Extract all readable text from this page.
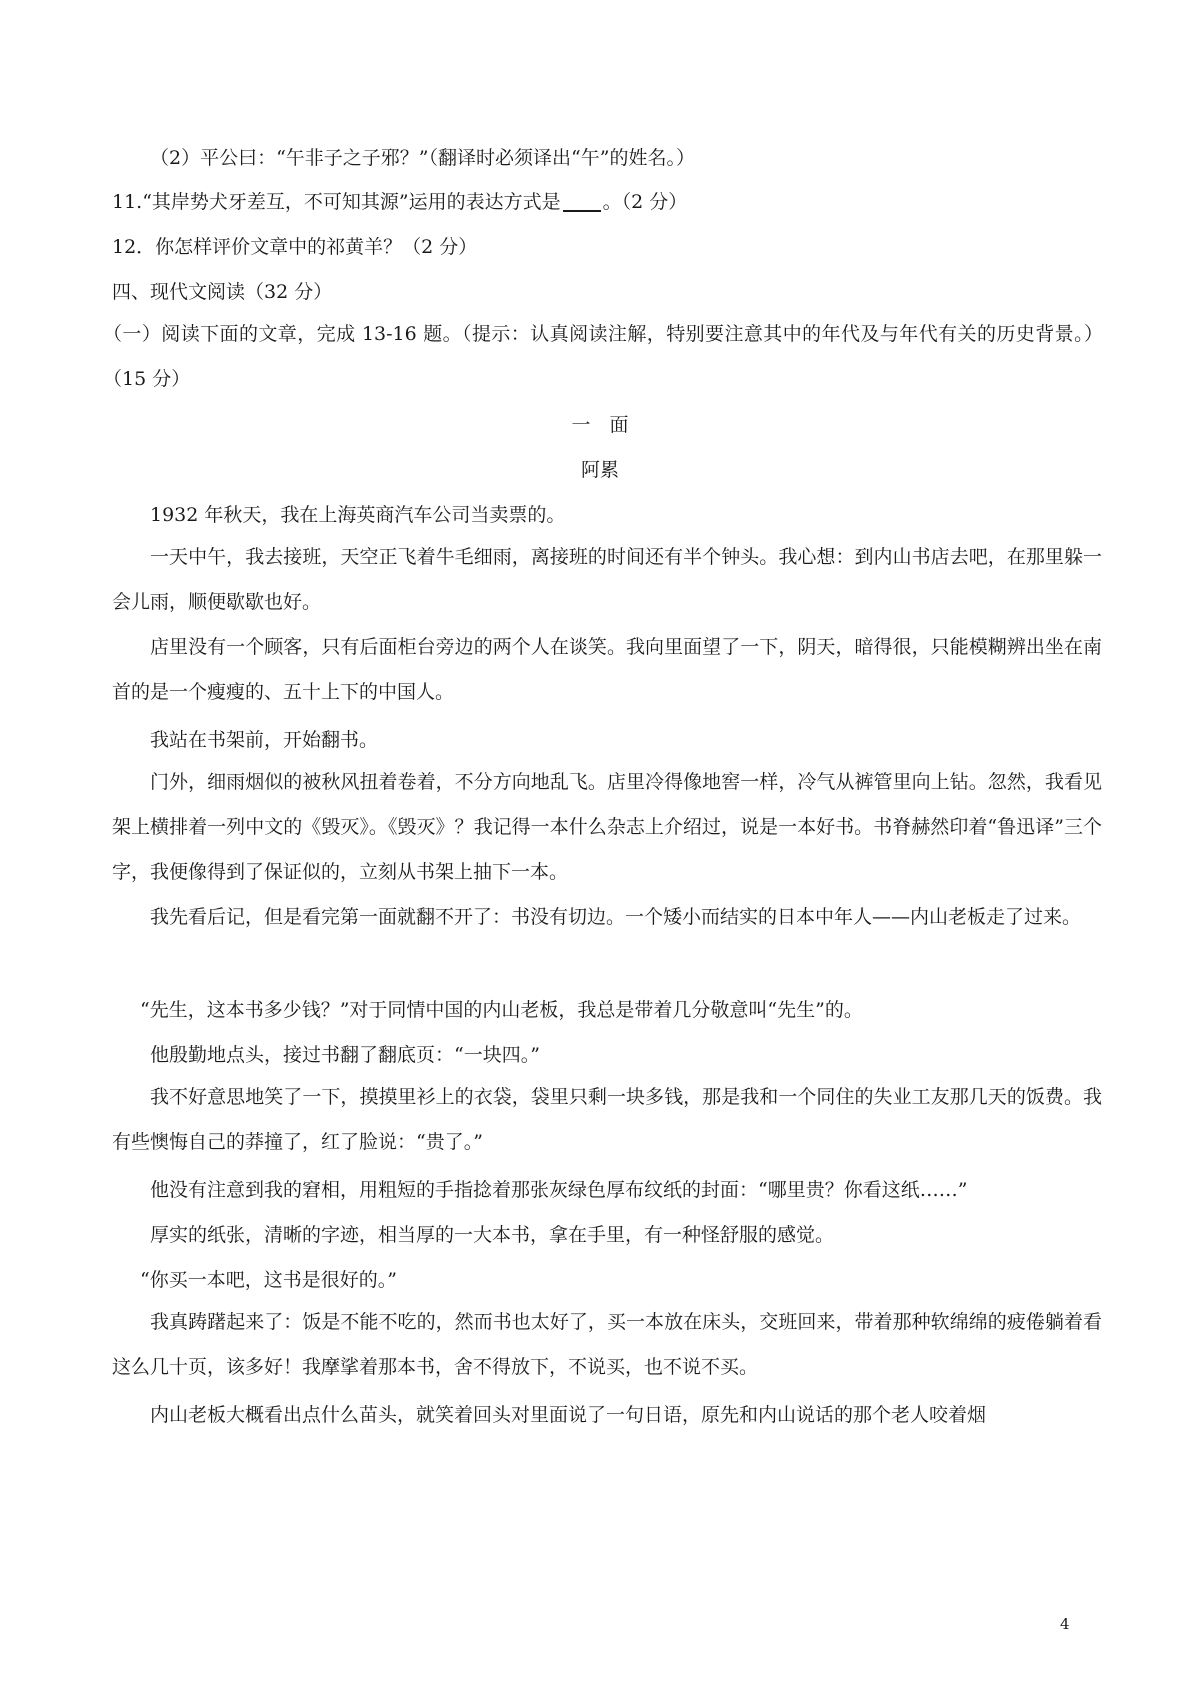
（2）平公曰：“午非子之子邪？”（翻译时必须译出“午”的姓名。）

11.“其岸势犬牙差互，不可知其源”运用的表达方式是 。（2 分）

12．你怎样评价文章中的祁黄羊？（2 分）

四、现代文阅读（32 分）

（一）阅读下面的文章，完成 13-16 题。（提示：认真阅读注解，特别要注意其中的年代及与年代有关的历史背景。）（15 分）

一　面

阿累

1932 年秋天，我在上海英商汽车公司当卖票的。

一天中午，我去接班，天空正飞着牛毛细雨，离接班的时间还有半个钟头。我心想：到内山书店去吧，在那里躲一会儿雨，顺便歇歇也好。

店里没有一个顾客，只有后面柜台旁边的两个人在谈笑。我向里面望了一下，阴天，暗得很，只能模糊辨出坐在南首的是一个瘦瘦的、五十上下的中国人。

我站在书架前，开始翻书。

门外，细雨烟似的被秋风扭着卷着，不分方向地乱飞。店里冷得像地窖一样，冷气从裤管里向上钻。忽然，我看见架上横排着一列中文的《毁灭》。《毁灭》？我记得一本什么杂志上介绍过，说是一本好书。书脊赫然印着“鲁迅译”三个字，我便像得到了保证似的，立刻从书架上抽下一本。

我先看后记，但是看完第一面就翻不开了：书没有切边。一个矮小而结实的日本中年人——内山老板走了过来。

“先生，这本书多少钱？”对于同情中国的内山老板，我总是带着几分敬意叫“先生”的。

他殷勤地点头，接过书翻了翻底页：“一块四。”

我不好意思地笑了一下，摸摸里衫上的衣袋，袋里只剩一块多钱，那是我和一个同住的失业工友那几天的饭费。我有些懊悔自己的莽撞了，红了脸说：“贵了。”

他没有注意到我的窘相，用粗短的手指捻着那张灰绿色厚布纹纸的封面：“哪里贵？你看这纸……”

厚实的纸张，清晰的字迹，相当厚的一大本书，拿在手里，有一种怪舒服的感觉。

“你买一本吧，这书是很好的。”

我真踌躇起来了：饭是不能不吃的，然而书也太好了，买一本放在床头，交班回来，带着那种软绵绵的疲倦躺着看这么几十页，该多好！我摩挲着那本书，舍不得放下，不说买，也不说不买。

内山老板大概看出点什么苗头，就笑着回头对里面说了一句日语，原先和内山说话的那个老人咬着烟

4
